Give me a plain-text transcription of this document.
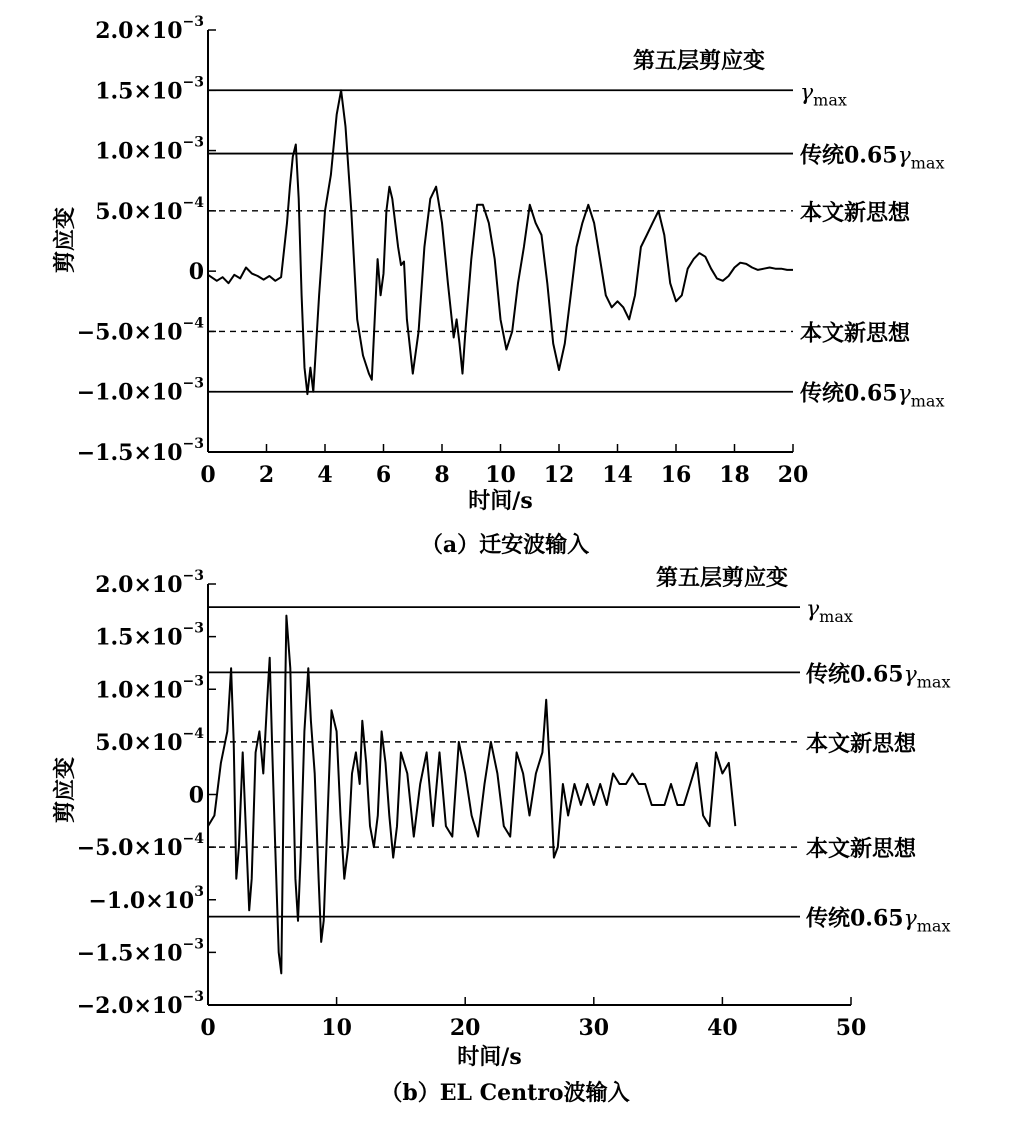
$2.0\times 10^{-3}$
$1.5\times 10^{-3}$
$1.0\times 10^{-3}$
$5.0\times 10^{-4}$
0
$-5.0\times 10^{-4}$
$-1.0\times 10^{-3}$
$-1.5\times 10^{-3}$
0 2 4 6 8 10 12 14 16 18 20
γmax
传统0.65γmax
本文新思想
本文新思想
传统0.65γmax
第五层剪应变
剪应变
时间/s
（a）迁安波输入
$2.0\times 10^{-3}$
$1.5\times 10^{-3}$
$1.0\times 10^{-3}$
$5.0\times 10^{-4}$
0
$-5.0\times 10^{-4}$
$-1.0\times 10^3$
$-1.5\times 10^{-3}$
$-2.0\times 10^{-3}$
0	10	20	30	40	50
γmax
传统0.65γmax
本文新思想
本文新思想
传统0.65γmax
第五层剪应变
剪应变
时间/s
（b）EL Centro波输入
